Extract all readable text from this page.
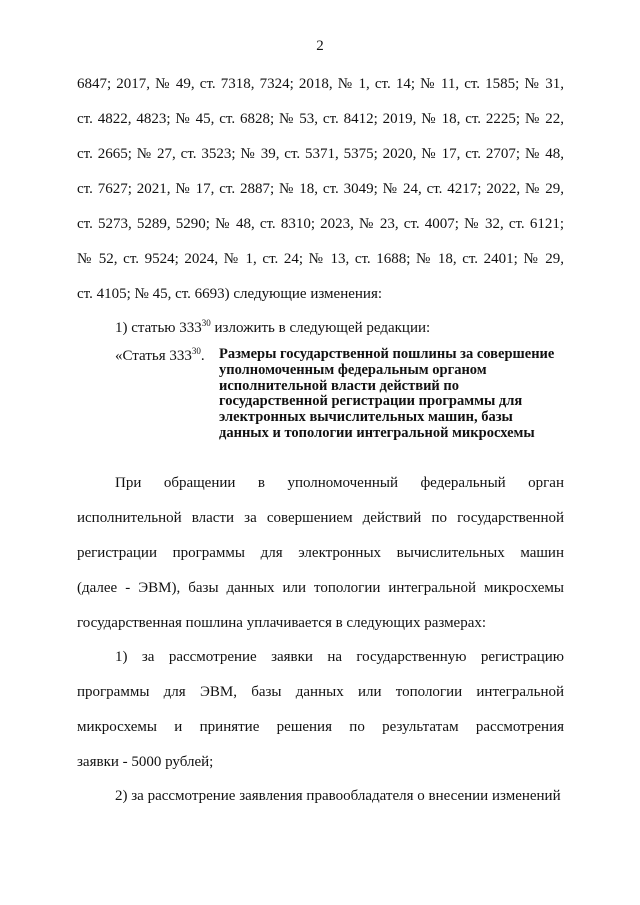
2
6847; 2017, № 49, ст. 7318, 7324; 2018, № 1, ст. 14; № 11, ст. 1585; № 31,
ст. 4822, 4823; № 45, ст. 6828; № 53, ст. 8412; 2019, № 18, ст. 2225; № 22,
ст. 2665; № 27, ст. 3523; № 39, ст. 5371, 5375; 2020, № 17, ст. 2707; № 48,
ст. 7627; 2021, № 17, ст. 2887; № 18, ст. 3049; № 24, ст. 4217; 2022, № 29,
ст. 5273, 5289, 5290; № 48, ст. 8310; 2023, № 23, ст. 4007; № 32, ст. 6121;
№ 52, ст. 9524; 2024, № 1, ст. 24; № 13, ст. 1688; № 18, ст. 2401; № 29,
ст. 4105; № 45, ст. 6693) следующие изменения:
1) статью $333^{30}$ изложить в следующей редакции:
«Статья $333^{30}$. Размеры государственной пошлины за совершение уполномоченным федеральным органом исполнительной власти действий по государственной регистрации программы для электронных вычислительных машин, базы данных и топологии интегральной микросхемы

При обращении в уполномоченный федеральный орган
исполнительной власти за совершением действий по государственной
регистрации программы для электронных вычислительных машин
(далее - ЭВМ), базы данных или топологии интегральной микросхемы
государственная пошлина уплачивается в следующих размерах:
1) за рассмотрение заявки на государственную регистрацию
программы для ЭВМ, базы данных или топологии интегральной
микросхемы и принятие решения по результатам рассмотрения
заявки - 5000 рублей;
2) за рассмотрение заявления правообладателя о внесении изменений
